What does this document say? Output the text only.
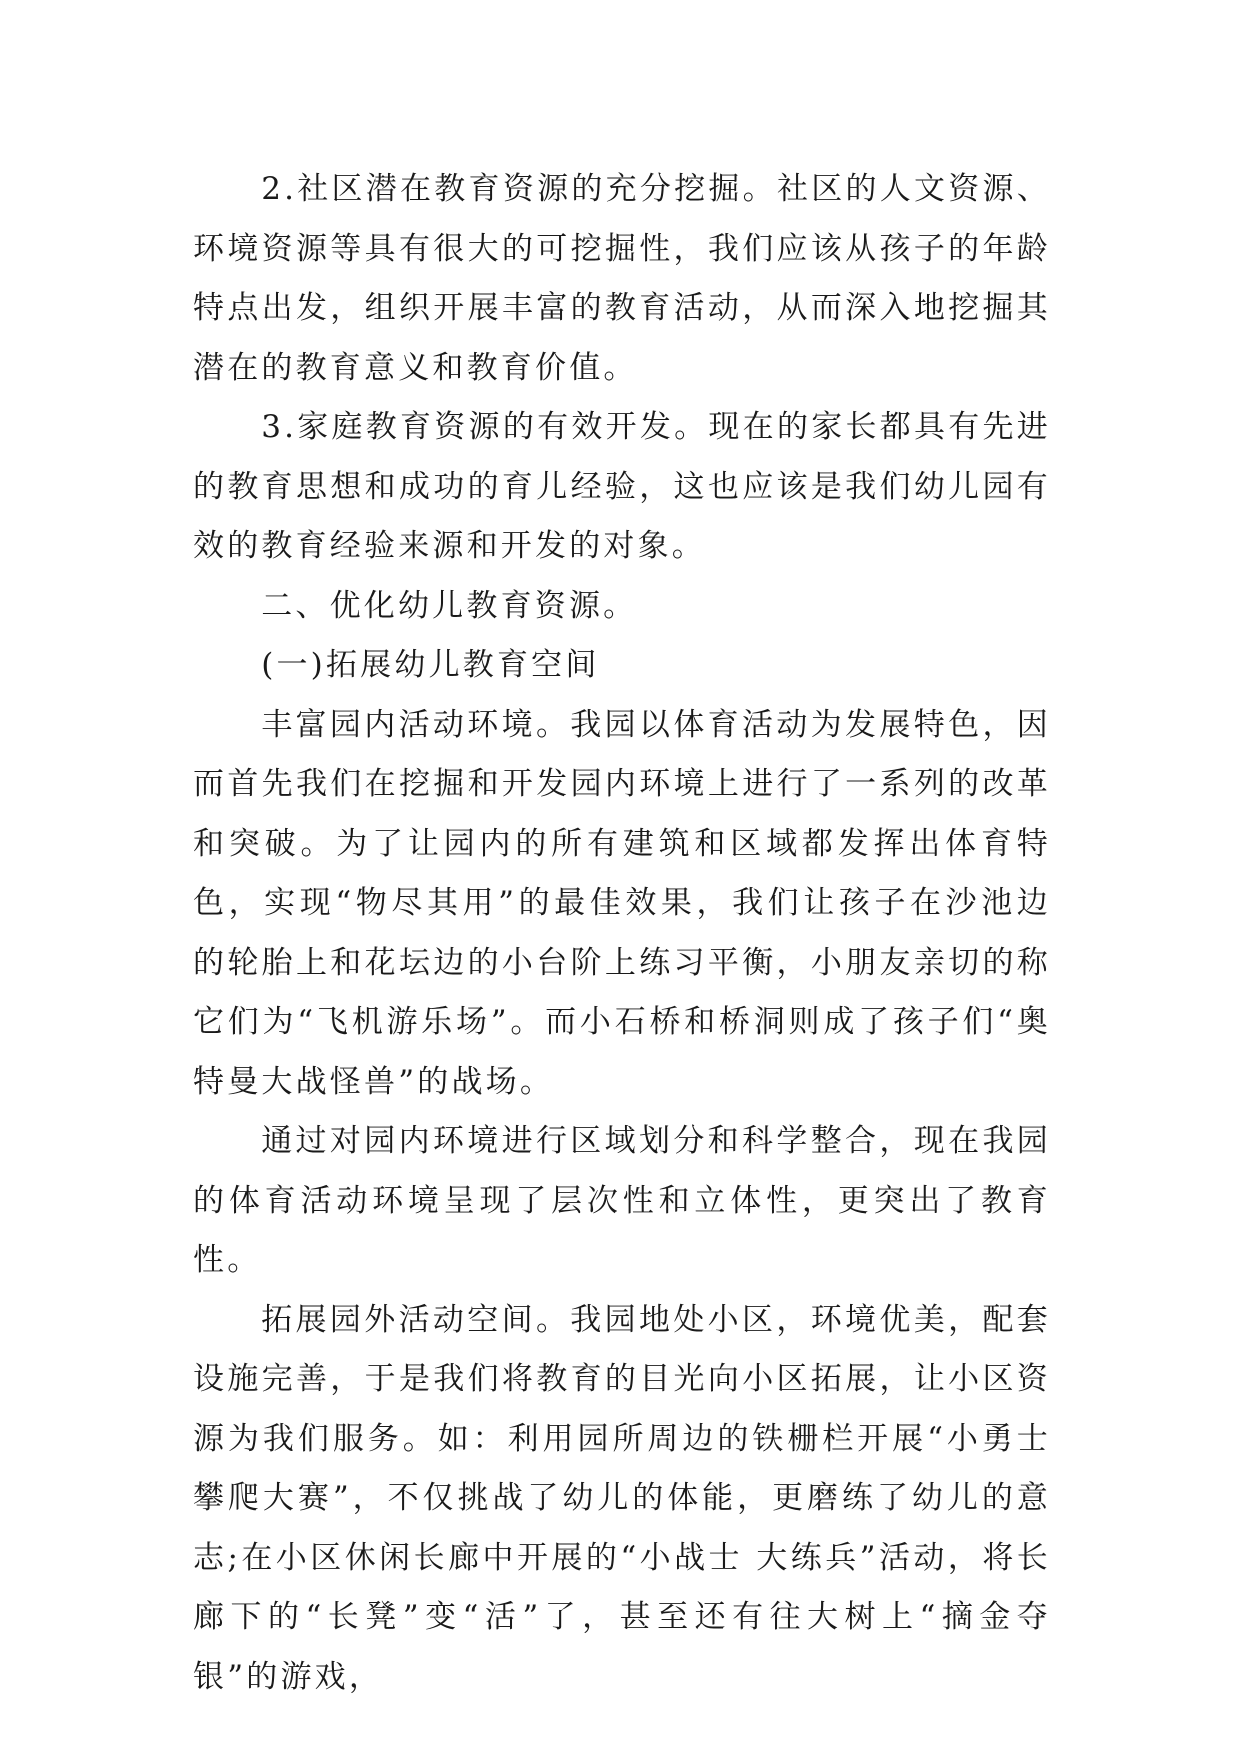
2.社区潜在教育资源的充分挖掘。社区的人文资源、环境资源等具有很大的可挖掘性，我们应该从孩子的年龄特点出发，组织开展丰富的教育活动，从而深入地挖掘其潜在的教育意义和教育价值。

3.家庭教育资源的有效开发。现在的家长都具有先进的教育思想和成功的育儿经验，这也应该是我们幼儿园有效的教育经验来源和开发的对象。

二、优化幼儿教育资源。

(一)拓展幼儿教育空间

丰富园内活动环境。我园以体育活动为发展特色，因而首先我们在挖掘和开发园内环境上进行了一系列的改革和突破。为了让园内的所有建筑和区域都发挥出体育特色，实现“物尽其用”的最佳效果，我们让孩子在沙池边的轮胎上和花坛边的小台阶上练习平衡，小朋友亲切的称它们为“飞机游乐场”。而小石桥和桥洞则成了孩子们“奥特曼大战怪兽”的战场。

通过对园内环境进行区域划分和科学整合，现在我园的体育活动环境呈现了层次性和立体性，更突出了教育性。

拓展园外活动空间。我园地处小区，环境优美，配套设施完善，于是我们将教育的目光向小区拓展，让小区资源为我们服务。如：利用园所周边的铁栅栏开展“小勇士攀爬大赛”，不仅挑战了幼儿的体能，更磨练了幼儿的意志;在小区休闲长廊中开展的“小战士 大练兵”活动，将长廊下的“长凳”变“活”了，甚至还有往大树上“摘金夺银”的游戏，
